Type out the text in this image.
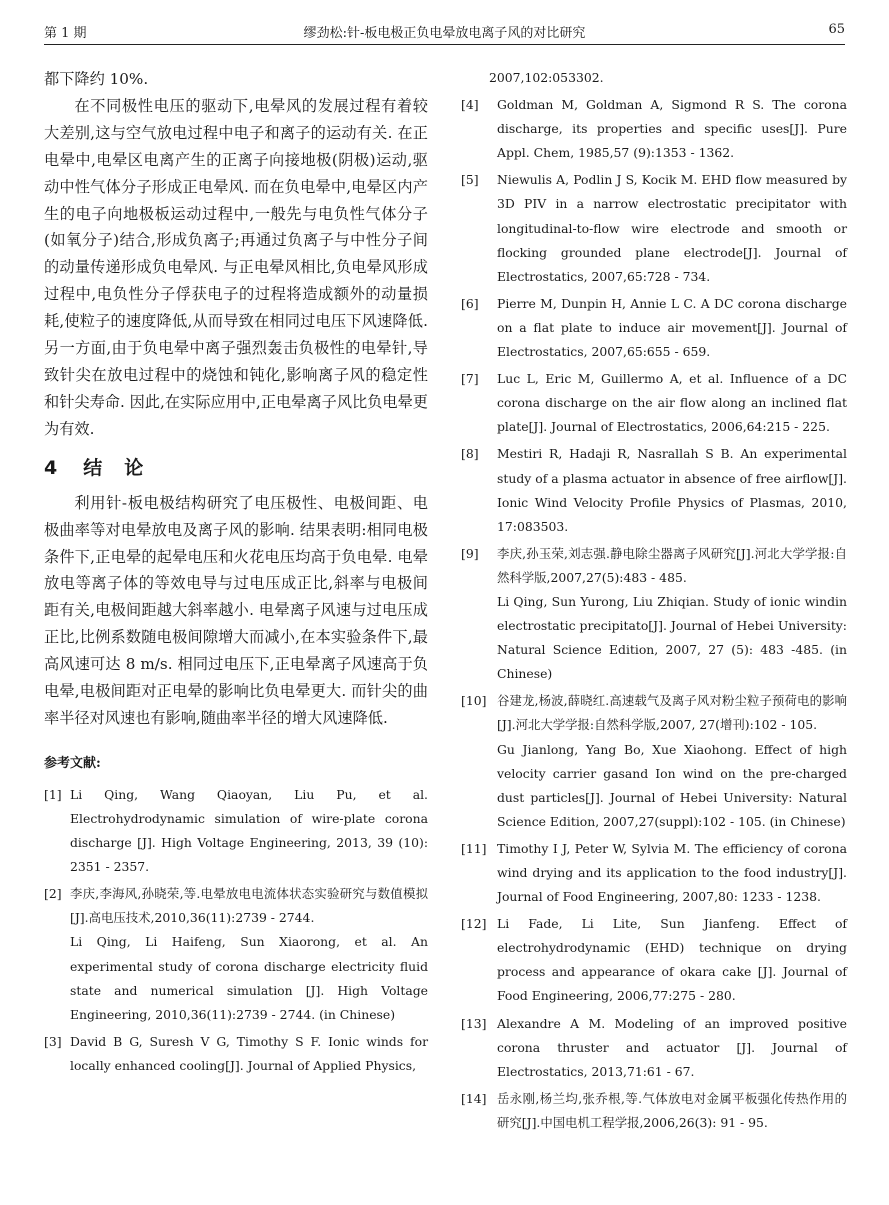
第 1 期	缪劲松:针-板电极正负电晕放电离子风的对比研究	65

都下降约 10%.

在不同极性电压的驱动下,电晕风的发展过程有着较大差别,这与空气放电过程中电子和离子的运动有关. 在正电晕中,电晕区电离产生的正离子向接地极(阴极)运动,驱动中性气体分子形成正电晕风. 而在负电晕中,电晕区内产生的电子向地极板运动过程中,一般先与电负性气体分子(如氧分子)结合,形成负离子;再通过负离子与中性分子间的动量传递形成负电晕风. 与正电晕风相比,负电晕风形成过程中,电负性分子俘获电子的过程将造成额外的动量损耗,使粒子的速度降低,从而导致在相同过电压下风速降低. 另一方面,由于负电晕中离子强烈轰击负极性的电晕针,导致针尖在放电过程中的烧蚀和钝化,影响离子风的稳定性和针尖寿命. 因此,在实际应用中,正电晕离子风比负电晕更为有效.

4 结论

利用针-板电极结构研究了电压极性、电极间距、电极曲率等对电晕放电及离子风的影响. 结果表明:相同电极条件下,正电晕的起晕电压和火花电压均高于负电晕. 电晕放电等离子体的等效电导与过电压成正比,斜率与电极间距有关,电极间距越大斜率越小. 电晕离子风速与过电压成正比,比例系数随电极间隙增大而减小,在本实验条件下,最高风速可达 8 m/s. 相同过电压下,正电晕离子风速高于负电晕,电极间距对正电晕的影响比负电晕更大. 而针尖的曲率半径对风速也有影响,随曲率半径的增大风速降低.

参考文献:
[1] Li Qing, Wang Qiaoyan, Liu Pu, et al. Electrohydrodynamic simulation of wire-plate corona discharge [J]. High Voltage Engineering, 2013, 39 (10): 2351 - 2357.
[2] 李庆,李海风,孙晓荣,等.电晕放电电流体状态实验研究与数值模拟[J].高电压技术,2010,36(11):2739 - 2744.
Li Qing, Li Haifeng, Sun Xiaorong, et al. An experimental study of corona discharge electricity fluid state and numerical simulation [J]. High Voltage Engineering, 2010,36(11):2739 - 2744. (in Chinese)
[3] David B G, Suresh V G, Timothy S F. Ionic winds for locally enhanced cooling[J]. Journal of Applied Physics,
2007,102:053302.
[4]	Goldman M, Goldman A, Sigmond R S. The corona discharge, its properties and specific uses[J]. Pure Appl. Chem, 1985,57 (9):1353 - 1362.
[5]	Niewulis A, Podlin J S, Kocik M. EHD flow measured by 3D PIV in a narrow electrostatic precipitator with longitudinal-to-flow wire electrode and smooth or flocking grounded plane electrode[J]. Journal of Electrostatics, 2007,65:728 - 734.
[6]	Pierre M, Dunpin H, Annie L C. A DC corona discharge on a flat plate to induce air movement[J]. Journal of Electrostatics, 2007,65:655 - 659.
[7]	Luc L, Eric M, Guillermo A, et al. Influence of a DC corona discharge on the air flow along an inclined flat plate[J]. Journal of Electrostatics, 2006,64:215 - 225.
[8]	Mestiri R, Hadaji R, Nasrallah S B. An experimental study of a plasma actuator in absence of free airflow[J]. Ionic Wind Velocity Profile Physics of Plasmas, 2010, 17:083503.
[9]	李庆,孙玉荣,刘志强.静电除尘器离子风研究[J].河北大学学报:自然科学版,2007,27(5):483 - 485.
Li Qing, Sun Yurong, Liu Zhiqian. Study of ionic windin electrostatic precipitato[J]. Journal of Hebei University: Natural Science Edition, 2007, 27 (5): 483 -485. (in Chinese)
[10] 谷建龙,杨波,薛晓红.高速载气及离子风对粉尘粒子预荷电的影响[J].河北大学学报:自然科学版,2007, 27(增刊):102 - 105.
Gu Jianlong, Yang Bo, Xue Xiaohong. Effect of high velocity carrier gasand Ion wind on the pre-charged dust particles[J]. Journal of Hebei University: Natural Science Edition, 2007,27(suppl):102 - 105. (in Chinese)
[11] Timothy I J, Peter W, Sylvia M. The efficiency of corona wind drying and its application to the food industry[J]. Journal of Food Engineering, 2007,80: 1233 - 1238.
[12] Li Fade, Li Lite, Sun Jianfeng. Effect of electrohydrodynamic (EHD) technique on drying process and appearance of okara cake [J]. Journal of Food Engineering, 2006,77:275 - 280.
[13] Alexandre A M. Modeling of an improved positive corona thruster and actuator [J]. Journal of Electrostatics, 2013,71:61 - 67.
[14] 岳永刚,杨兰均,张乔根,等.气体放电对金属平板强化传热作用的研究[J].中国电机工程学报,2006,26(3): 91 - 95.
